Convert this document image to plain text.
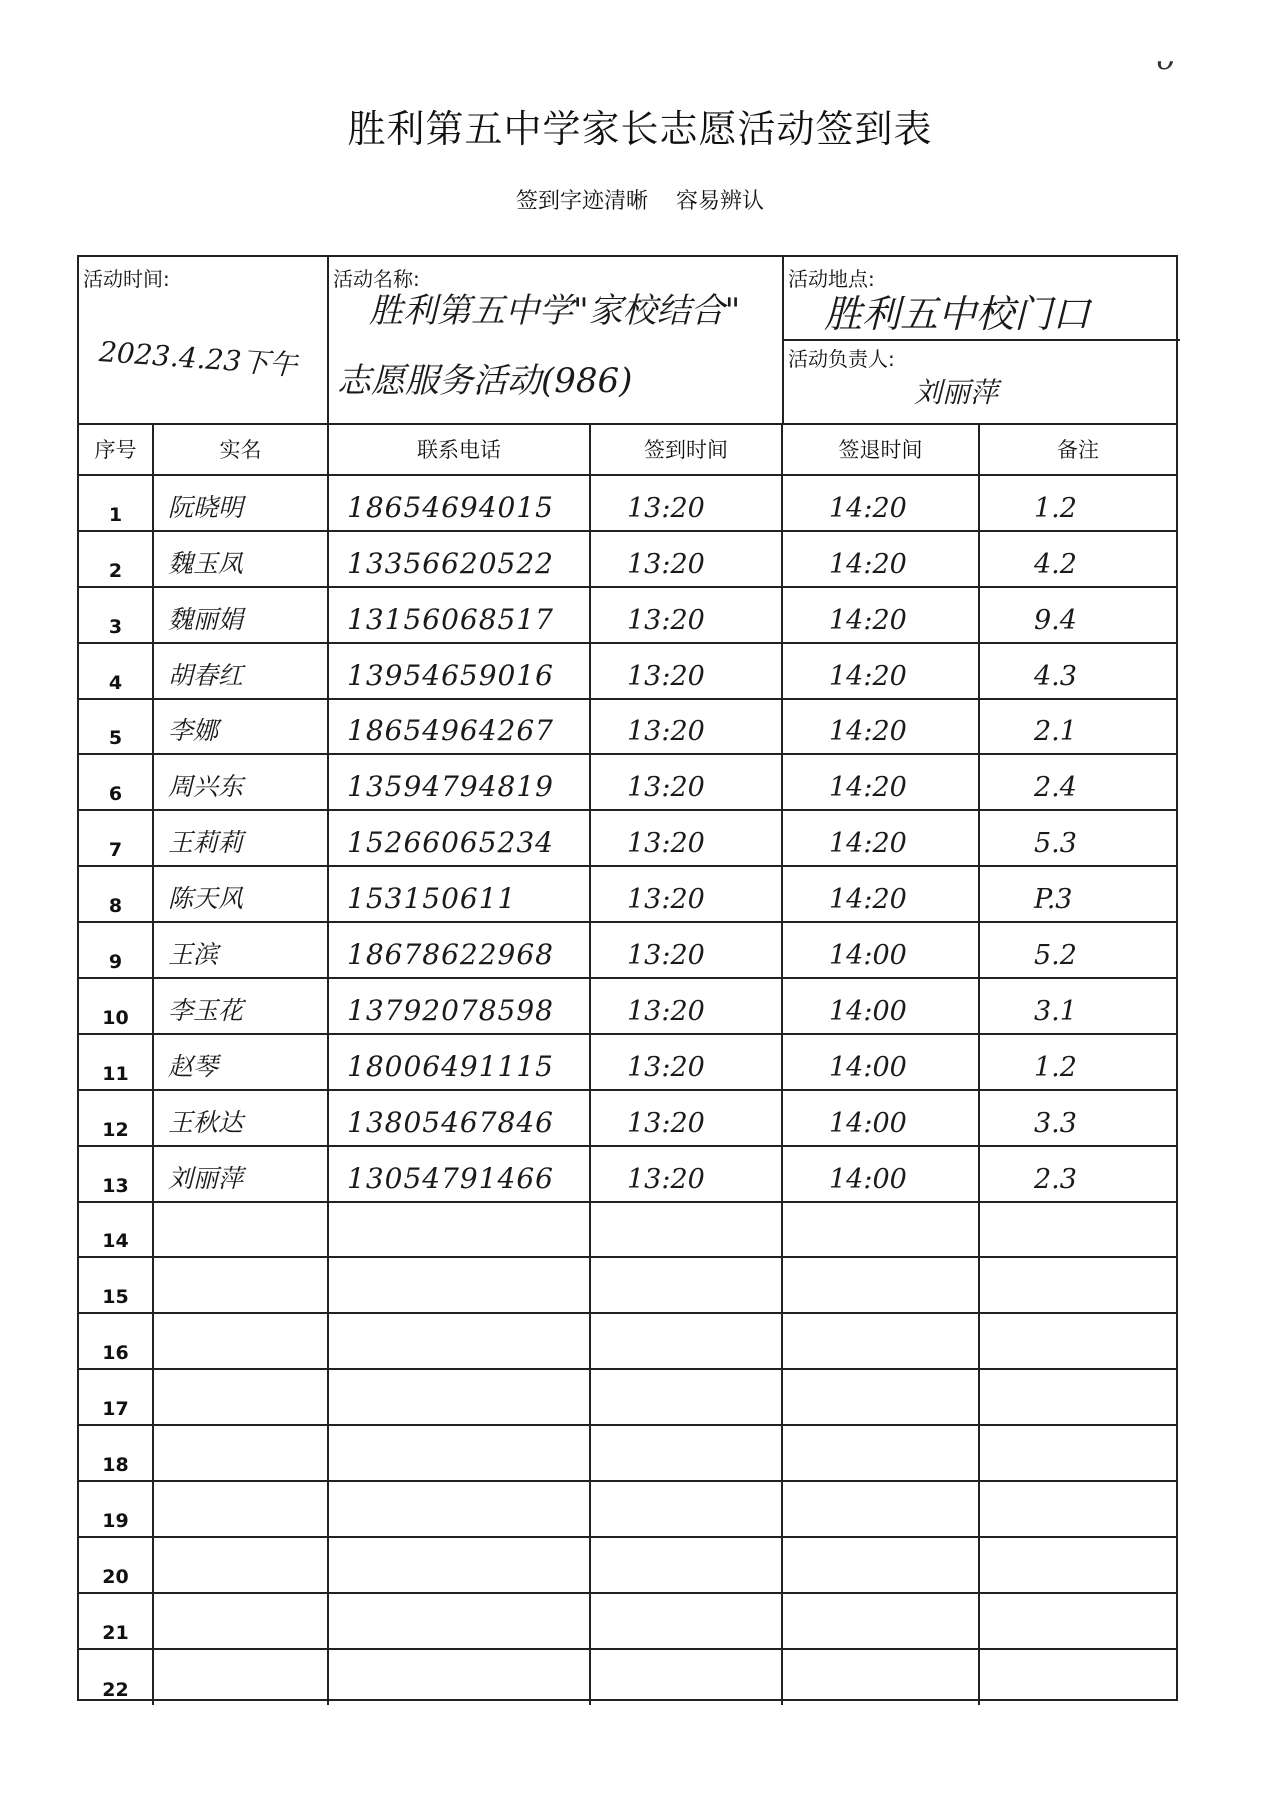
ᴗ
胜利第五中学家长志愿活动签到表
签到字迹清晰    容易辨认
活动时间:
2023.4.23下午
活动名称:
胜利第五中学"家校结合"
志愿服务活动(986)
活动地点:
胜利五中校门口
活动负责人:
刘丽萍
序号	实名	联系电话	签到时间	签退时间	备注
1	阮晓明	18654694015	13:20	14:20	1.2
2	魏玉凤	13356620522	13:20	14:20	4.2
3	魏丽娟	13156068517	13:20	14:20	9.4
4	胡春红	13954659016	13:20	14:20	4.3
5	李娜	18654964267	13:20	14:20	2.1
6	周兴东	13594794819	13:20	14:20	2.4
7	王莉莉	15266065234	13:20	14:20	5.3
8	陈天风	153150611	13:20	14:20	P.3
9	王滨	18678622968	13:20	14:00	5.2
10	李玉花	13792078598	13:20	14:00	3.1
11	赵琴	18006491115	13:20	14:00	1.2
12	王秋达	13805467846	13:20	14:00	3.3
13	刘丽萍	13054791466	13:20	14:00	2.3
14					
15					
16					
17					
18					
19					
20					
21					
22					
